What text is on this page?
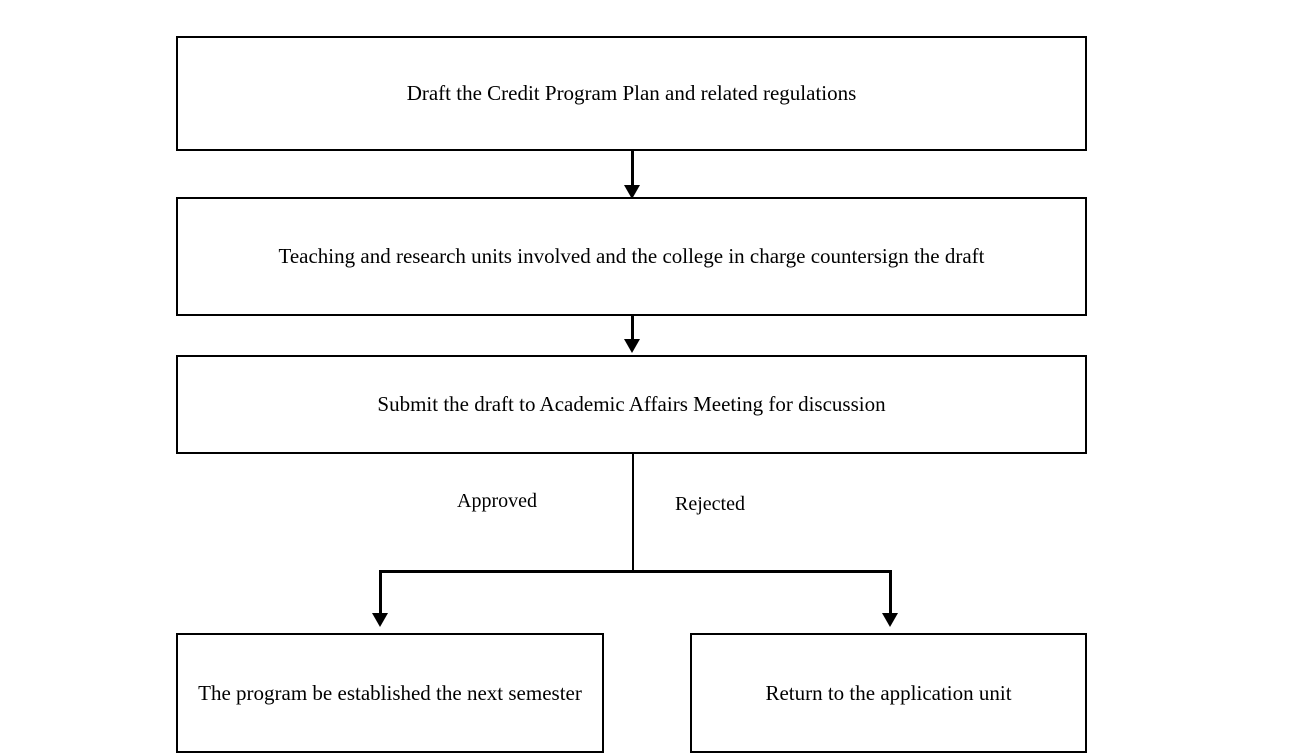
Draft the Credit Program Plan and related regulations
Teaching and research units involved and the college in charge countersign the draft
Submit the draft to Academic Affairs Meeting for discussion
Approved	Rejected
The program be established the next semester	Return to the application unit
